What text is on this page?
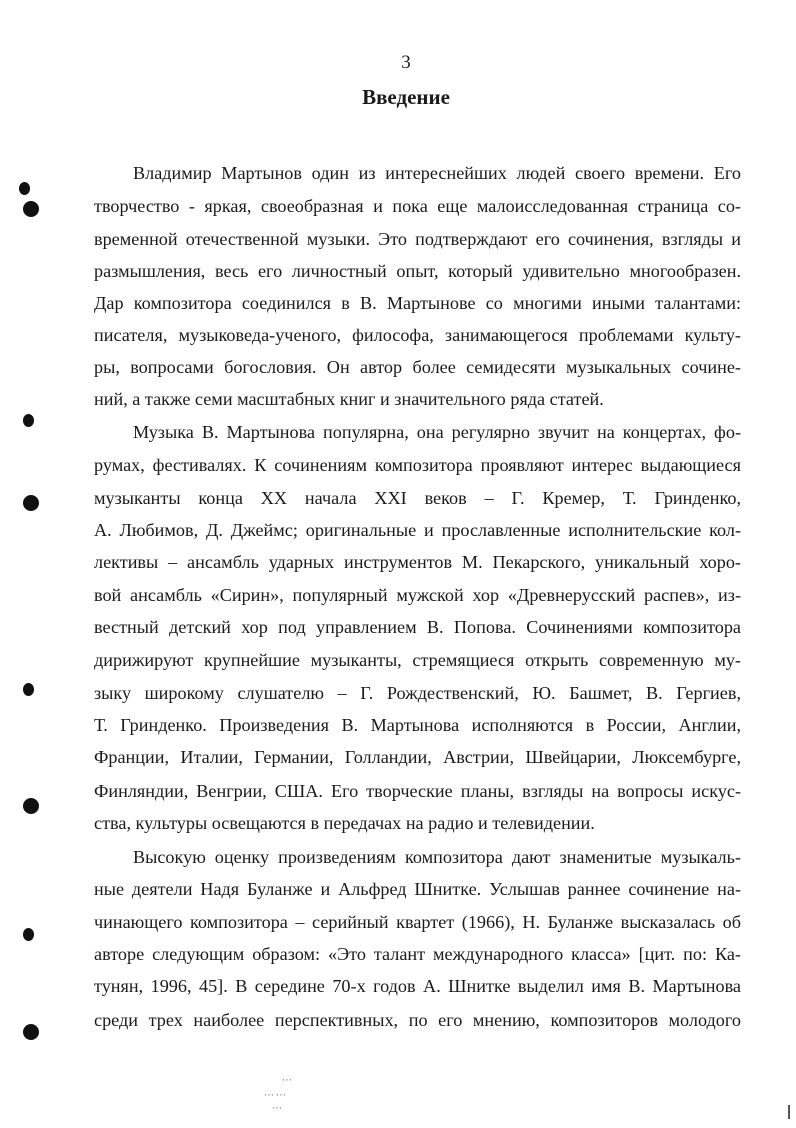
3
Введение
Владимир Мартынов один из интереснейших людей своего времени. Его
творчество - яркая, своеобразная и пока еще малоисследованная страница со-
временной отечественной музыки. Это подтверждают его сочинения, взгляды и
размышления, весь его личностный опыт, который удивительно многообразен.
Дар композитора соединился в В. Мартынове со многими иными талантами:
писателя, музыковеда-ученого, философа, занимающегося проблемами культу-
ры, вопросами богословия. Он автор более семидесяти музыкальных сочине-
ний, а также семи масштабных книг и значительного ряда статей.
Музыка В. Мартынова популярна, она регулярно звучит на концертах, фо-
румах, фестивалях. К сочинениям композитора проявляют интерес выдающиеся
музыканты конца XX начала XXI веков – Г. Кремер, Т. Гринденко,
А. Любимов, Д. Джеймс; оригинальные и прославленные исполнительские кол-
лективы – ансамбль ударных инструментов М. Пекарского, уникальный хоро-
вой ансамбль «Сирин», популярный мужской хор «Древнерусский распев», из-
вестный детский хор под управлением В. Попова. Сочинениями композитора
дирижируют крупнейшие музыканты, стремящиеся открыть современную му-
зыку широкому слушателю – Г. Рождественский, Ю. Башмет, В. Гергиев,
Т. Гринденко. Произведения В. Мартынова исполняются в России, Англии,
Франции, Италии, Германии, Голландии, Австрии, Швейцарии, Люксембурге,
Финляндии, Венгрии, США. Его творческие планы, взгляды на вопросы искус-
ства, культуры освещаются в передачах на радио и телевидении.
Высокую оценку произведениям композитора дают знаменитые музыкаль-
ные деятели Надя Буланже и Альфред Шнитке. Услышав раннее сочинение на-
чинающего композитора – серийный квартет (1966), Н. Буланже высказалась об
авторе следующим образом: «Это талант международного класса» [цит. по: Ка-
тунян, 1996, 45]. В середине 70-х годов А. Шнитке выделил имя В. Мартынова
среди трех наиболее перспективных, по его мнению, композиторов молодого
⋯
⋯⋯
⋯
